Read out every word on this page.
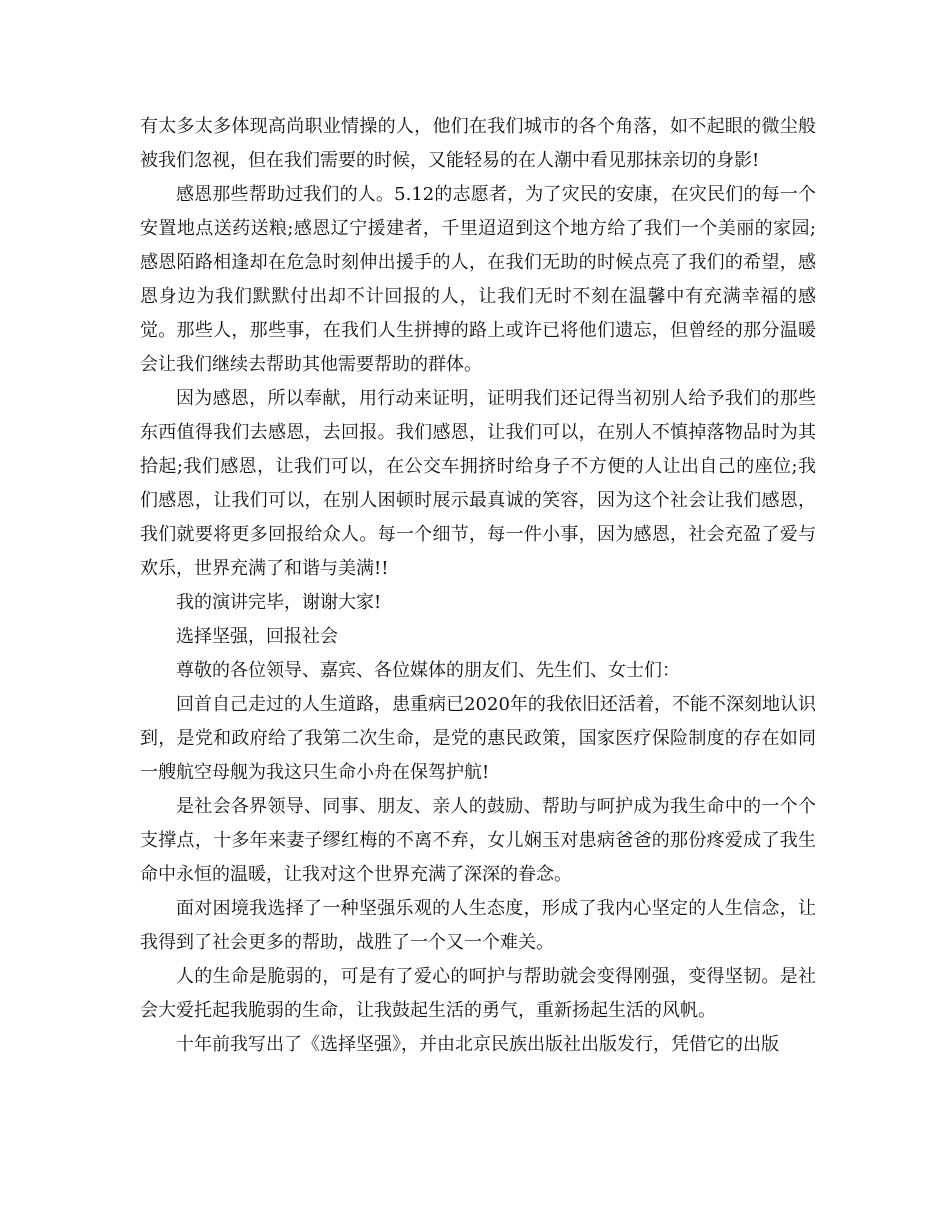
有太多太多体现高尚职业情操的人，他们在我们城市的各个角落，如不起眼的微尘般被我们忽视，但在我们需要的时候，又能轻易的在人潮中看见那抹亲切的身影!

感恩那些帮助过我们的人。5.12的志愿者，为了灾民的安康，在灾民们的每一个安置地点送药送粮;感恩辽宁援建者，千里迢迢到这个地方给了我们一个美丽的家园;感恩陌路相逢却在危急时刻伸出援手的人，在我们无助的时候点亮了我们的希望，感恩身边为我们默默付出却不计回报的人，让我们无时不刻在温馨中有充满幸福的感觉。那些人，那些事，在我们人生拼搏的路上或许已将他们遗忘，但曾经的那分温暖会让我们继续去帮助其他需要帮助的群体。

因为感恩，所以奉献，用行动来证明，证明我们还记得当初别人给予我们的那些东西值得我们去感恩，去回报。我们感恩，让我们可以，在别人不慎掉落物品时为其拾起;我们感恩，让我们可以，在公交车拥挤时给身子不方便的人让出自己的座位;我们感恩，让我们可以，在别人困顿时展示最真诚的笑容，因为这个社会让我们感恩，我们就要将更多回报给众人。每一个细节，每一件小事，因为感恩，社会充盈了爱与欢乐，世界充满了和谐与美满!!

我的演讲完毕，谢谢大家!

选择坚强，回报社会

尊敬的各位领导、嘉宾、各位媒体的朋友们、先生们、女士们：

回首自己走过的人生道路，患重病已2020年的我依旧还活着，不能不深刻地认识到，是党和政府给了我第二次生命，是党的惠民政策，国家医疗保险制度的存在如同一艘航空母舰为我这只生命小舟在保驾护航!

是社会各界领导、同事、朋友、亲人的鼓励、帮助与呵护成为我生命中的一个个支撑点，十多年来妻子缪红梅的不离不弃，女儿娴玉对患病爸爸的那份疼爱成了我生命中永恒的温暖，让我对这个世界充满了深深的眷念。

面对困境我选择了一种坚强乐观的人生态度，形成了我内心坚定的人生信念，让我得到了社会更多的帮助，战胜了一个又一个难关。

人的生命是脆弱的，可是有了爱心的呵护与帮助就会变得刚强，变得坚韧。是社会大爱托起我脆弱的生命，让我鼓起生活的勇气，重新扬起生活的风帆。

十年前我写出了《选择坚强》，并由北京民族出版社出版发行，凭借它的出版
